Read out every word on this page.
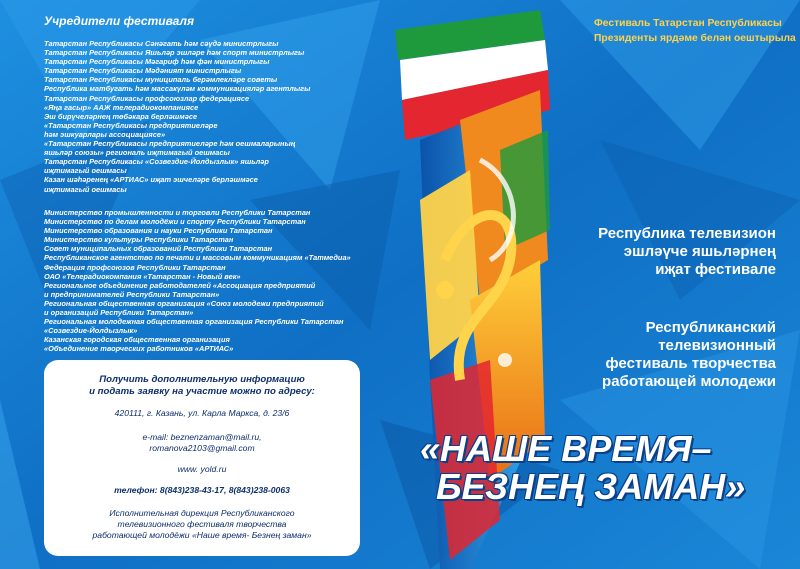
Учредители фестиваля
Татарстан Республикасы Сәнәгать һәм сәүдә министрлыгы
Татарстан Республикасы Яшьләр эшләре һәм спорт министрлыгы
Татарстан Республикасы Мәгариф һәм фән министрлыгы
Татарстан Республикасы Мәдәният министрлыгы
Татарстан Республикасы муниципаль берәмлекләре советы
Республика матбугать һәм массакүләм коммуникацияләр агентлыгы
Татарстан Республикасы профсоюзлар федерациясе
«Яңа гасыр» ААЖ телерадиокомпаниясе
Эш бирүчеләрнең төбәкара берләшмәсе
«Татарстан Республикасы предприятиеләре
һәм эшкуарлары ассоциациясе»
«Татарстан Республикасы предприятиеләре һәм оешмаларының
яшьләр союзы» региональ иҗтимагый оешмасы
Татарстан Республикасы «Созвездие-Йолдызлык» яшьләр
иҗтимагый оешмасы
Казан шәһәренең «АРТИАС» иҗат эшчеләре берләшмәсе
иҗтимагый оешмасы
Министерство промышленности и торговли Республики Татарстан
Министерство по делам молодёжи и спорту Республики Татарстан
Министерство образования и науки Республики Татарстан
Министерство культуры Республики Татарстан
Совет муниципальных образований Республики Татарстан
Республиканское агентство по печати и массовым коммуникациям «Татмедиа»
Федерация профсоюзов Республики Татарстан
ОАО «Телерадиокомпания «Татарстан - Новый век»
Региональное объединение работодателей «Ассоциация предприятий
и предпринимателей Республики Татарстан»
Региональная общественная организация «Союз молодежи предприятий
и организаций Республики Татарстан»
Региональная молодежная общественная организация Республики Татарстан
«Созвездие-Йолдызлык»
Казанская городская общественная организация
«Объединение творческих работников «АРТИАС»
Получить дополнительную информацию
и подать заявку на участие можно по адресу:
420111, г. Казань, ул. Карла Маркса, д. 23/6
e-mail: beznenzaman@mail.ru,
romanova2103@gmail.com
www. yold.ru
телефон: 8(843)238-43-17, 8(843)238-0063
Исполнительная дирекция Республиканского
телевизионного фестиваля творчества
работающей молодёжи «Наше время- Безнең заман»
Фестиваль Татарстан Республикасы
Президенты ярдәме белән оештырыла
Республика телевизион
эшләүче яшьләрнең
иҗат фестивале
Республиканский
телевизионный
фестиваль творчества
работающей молодежи
«НАШЕ ВРЕМЯ–
БЕЗНЕҢ ЗАМАН»
